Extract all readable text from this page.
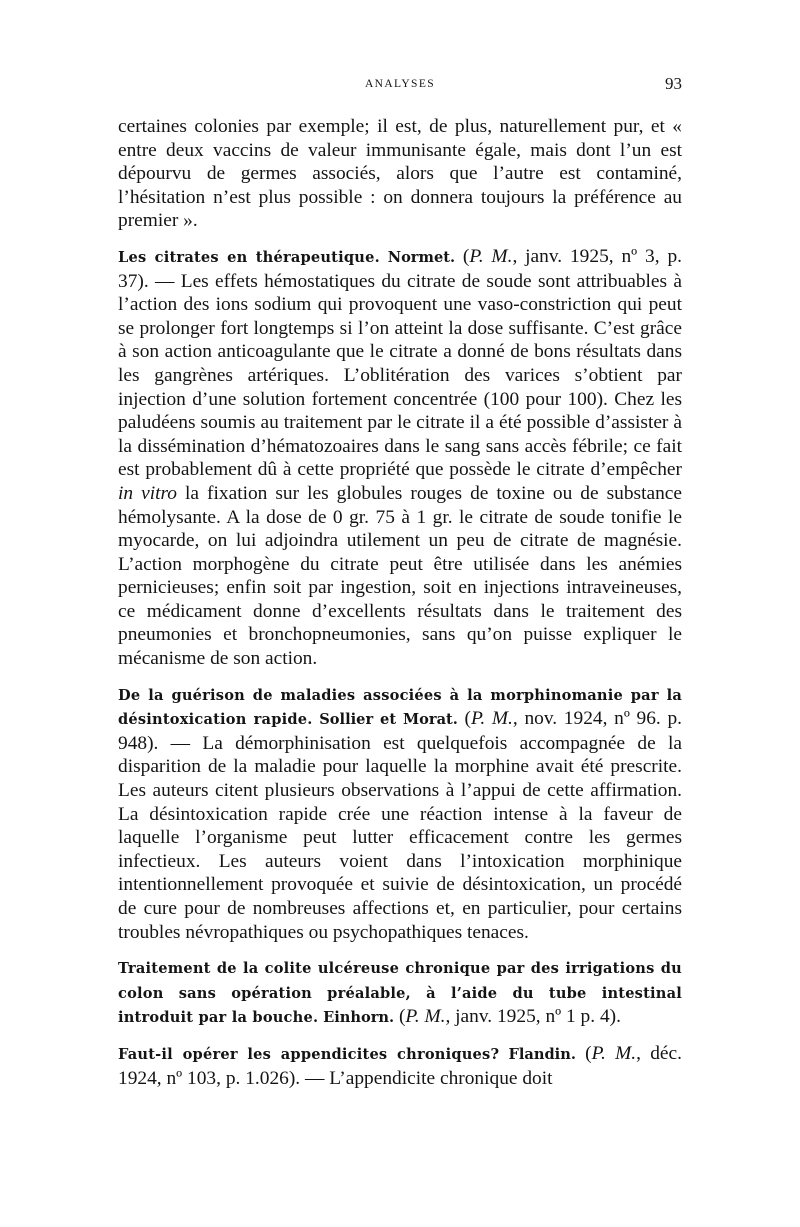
ANALYSES	93

certaines colonies par exemple; il est, de plus, naturellement pur, et « entre deux vaccins de valeur immunisante égale, mais dont l’un est dépourvu de germes associés, alors que l’autre est contaminé, l’hésitation n’est plus possible : on donnera toujours la préférence au premier ».

Les citrates en thérapeutique. Normet. (P. M., janv. 1925, nº 3, p. 37). — Les effets hémostatiques du citrate de soude sont attribuables à l’action des ions sodium qui provoquent une vaso-constriction qui peut se prolonger fort longtemps si l’on atteint la dose suffisante. C’est grâce à son action anticoagulante que le citrate a donné de bons résultats dans les gangrènes artériques. L’oblitération des varices s’obtient par injection d’une solution fortement concentrée (100 pour 100). Chez les paludéens soumis au traitement par le citrate il a été possible d’assister à la dissémination d’hématozoaires dans le sang sans accès fébrile; ce fait est probablement dû à cette propriété que possède le citrate d’empêcher in vitro la fixation sur les globules rouges de toxine ou de substance hémolysante. A la dose de 0 gr. 75 à 1 gr. le citrate de soude tonifie le myocarde, on lui adjoindra utilement un peu de citrate de magnésie. L’action morphogène du citrate peut être utilisée dans les anémies pernicieuses; enfin soit par ingestion, soit en injections intraveineuses, ce médicament donne d’excellents résultats dans le traitement des pneumonies et bronchopneumonies, sans qu’on puisse expliquer le mécanisme de son action.

De la guérison de maladies associées à la morphinomanie par la désintoxication rapide. Sollier et Morat. (P. M., nov. 1924, nº 96. p. 948). — La démorphinisation est quelquefois accompagnée de la disparition de la maladie pour laquelle la morphine avait été prescrite. Les auteurs citent plusieurs observations à l’appui de cette affirmation. La désintoxication rapide crée une réaction intense à la faveur de laquelle l’organisme peut lutter efficacement contre les germes infectieux. Les auteurs voient dans l’intoxication morphinique intentionnellement provoquée et suivie de désintoxication, un procédé de cure pour de nombreuses affections et, en particulier, pour certains troubles névropathiques ou psychopathiques tenaces.

Traitement de la colite ulcéreuse chronique par des irrigations du colon sans opération préalable, à l’aide du tube intestinal introduit par la bouche. Einhorn. (P. M., janv. 1925, nº 1 p. 4).

Faut-il opérer les appendicites chroniques? Flandin. (P. M., déc. 1924, nº 103, p. 1.026). — L’appendicite chronique doit
